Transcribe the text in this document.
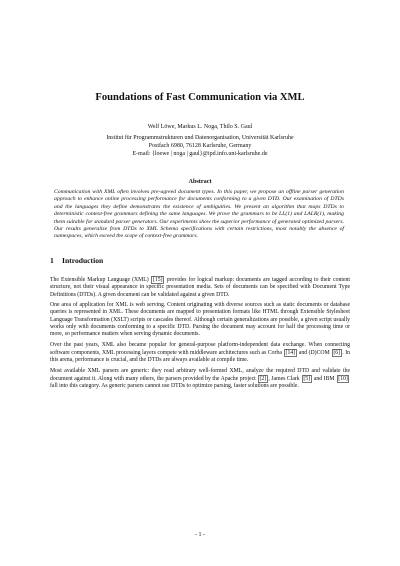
Foundations of Fast Communication via XML
Welf Löwe, Markus L. Noga, Thilo S. Gaul
Institut für Programmstrukturen und Datenorganisation, Universität Karlsruhe
Postfach 6980, 76128 Karlsruhe, Germany
E-mail: {loewe | noga | gaul}@ipd.info.uni-karlsruhe.de
Abstract
Communication with XML often involves pre-agreed document types. In this paper, we propose an offline parser generation approach to enhance online processing performance for documents conforming to a given DTD. Our examination of DTDs and the languages they define demonstrates the existence of ambiguities. We present an algorithm that maps DTDs to deterministic context-free grammars defining the same languages. We prove the grammars to be LL(1) and LALR(1), making them suitable for standard parser generators. Our experiments show the superior performance of generated optimized parsers. Our results generalize from DTDs to XML Schema specifications with certain restrictions, most notably the absence of namespaces, which exceed the scope of context-free grammars.
1 Introduction

The Extensible Markup Language (XML) [15] provides for logical markup: documents are tagged according to their content structure, not their visual appearance in specific presentation media. Sets of documents can be specified with Document Type Definitions (DTDs). A given document can be validated against a given DTD.

One area of application for XML is web serving. Content originating with diverse sources such as static documents or database queries is represented in XML. These documents are mapped to presentation formats like HTML through Extensible Stylesheet Language Transformation (XSLT) scripts or cascades thereof. Although certain generalizations are possible, a given script usually works only with documents conforming to a specific DTD. Parsing the document may account for half the processing time or more, so performance matters when serving dynamic documents.

Over the past years, XML also became popular for general-purpose platform-independent data exchange. When connecting software components, XML processing layers compete with middleware architectures such as Corba [14] and (D)COM [6] . In this arena, performance is crucial, and the DTDs are always available at compile time.

Most available XML parsers are generic: they read arbitrary well-formed XML, analyze the required DTD and validate the document against it. Along with many others, the parsers provided by the Apache project [2] , James Clark [5] and IBM [10] fall into this category. As generic parsers cannot use DTDs to optimize parsing, faster solutions are possible.

- 1 -
